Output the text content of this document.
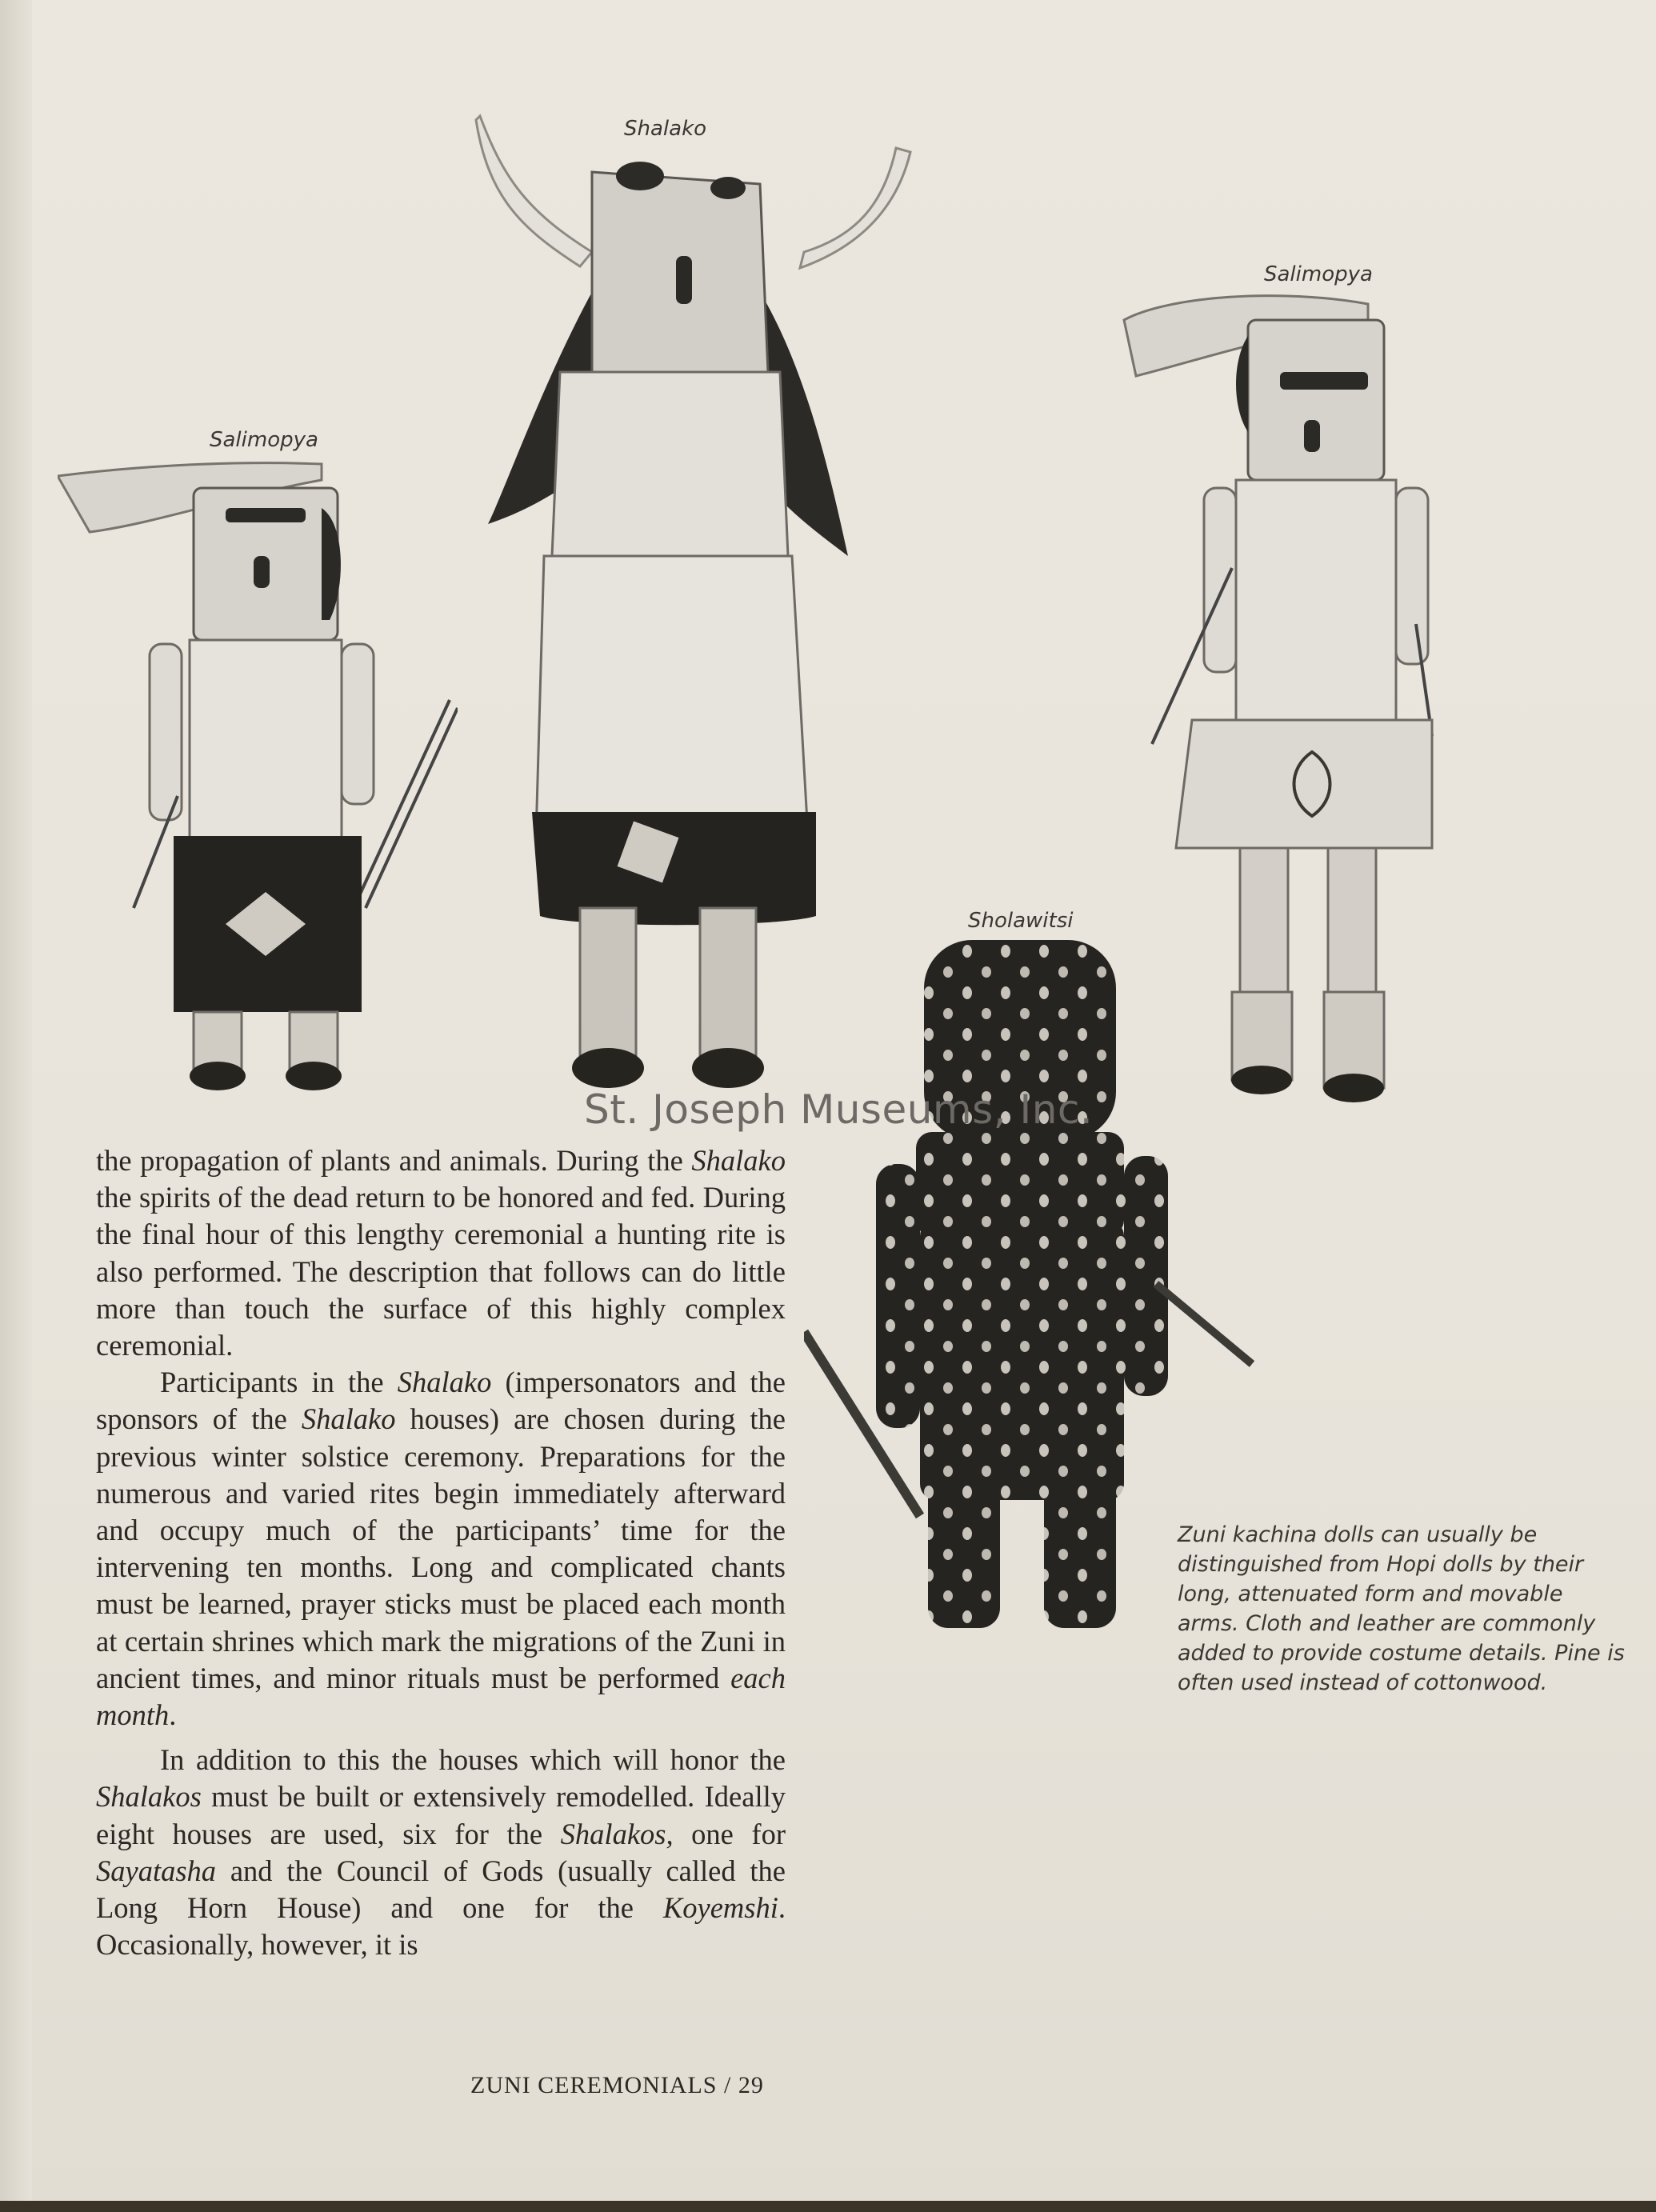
Shalako
Salimopya
Salimopya
Sholawitsi
St. Joseph Museums, Inc.

the propagation of plants and animals. During the Shalako the spirits of the dead return to be honored and fed. During the final hour of this lengthy ceremonial a hunting rite is also performed. The description that follows can do little more than touch the surface of this highly complex ceremonial.

Participants in the Shalako (impersonators and the sponsors of the Shalako houses) are chosen during the previous winter solstice ceremony. Preparations for the numerous and varied rites begin immediately afterward and occupy much of the participants’ time for the intervening ten months. Long and complicated chants must be learned, prayer sticks must be placed each month at certain shrines which mark the migrations of the Zuni in ancient times, and minor rituals must be performed each month.

In addition to this the houses which will honor the Shalakos must be built or extensively remodelled. Ideally eight houses are used, six for the Shalakos, one for Sayatasha and the Council of Gods (usually called the Long Horn House) and one for the Koyemshi. Occasionally, however, it is

Zuni kachina dolls can usually be distinguished from Hopi dolls by their long, attenuated form and movable arms. Cloth and leather are commonly added to provide costume details. Pine is often used instead of cottonwood.
ZUNI CEREMONIALS / 29
